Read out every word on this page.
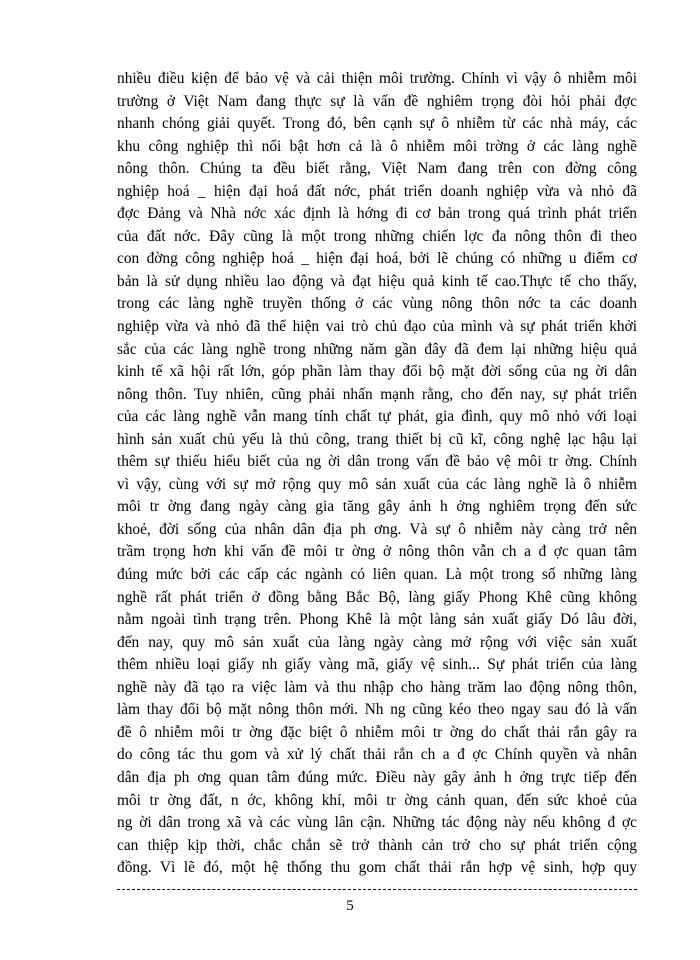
nhiều điều kiện để bảo vệ và cải thiện môi trường. Chính vì vậy ô nhiễm môi
trường ở Việt Nam đang thực sự là vấn đề nghiêm trọng đòi hỏi phải đợc
nhanh chóng giải quyết. Trong đó, bên cạnh sự ô nhiễm từ các nhà máy, các
khu công nghiệp thì nổi bật hơn cả là ô nhiễm môi trờng ở các làng nghề
nông thôn. Chúng ta đều biết rằng, Việt Nam đang trên con đờng công
nghiệp hoá _ hiện đại hoá đất nớc, phát triển doanh nghiệp vừa và nhỏ đã
đợc Đảng và Nhà nớc xác định là hớng đi cơ bản trong quá trình phát triển
của đất nớc. Đây cũng là một trong những chiến lợc đa nông thôn đi theo
con đờng công nghiệp hoá _ hiện đại hoá, bởi lẽ chúng có những u điểm cơ
bản là sử dụng nhiều lao động và đạt hiệu quả kinh tế cao.Thực tế cho thấy,
trong các làng nghề truyền thống ở các vùng nông thôn nớc ta các doanh
nghiệp vừa và nhỏ đã thể hiện vai trò chủ đạo của mình và sự phát triển khởi
sắc của các làng nghề trong những năm gần đây đã đem lại những hiệu quả
kinh tế xã hội rất lớn, góp phần làm thay đổi bộ mặt đời sống của ng ời dân
nông thôn. Tuy nhiên, cũng phải nhấn mạnh rằng, cho đến nay, sự phát triển
của các làng nghề vẫn mang tính chất tự phát, gia đình, quy mô nhỏ với loại
hình sản xuất chủ yếu là thủ công, trang thiết bị cũ kĩ, công nghệ lạc hậu lại
thêm sự thiếu hiểu biết của ng ời dân trong vấn đề bảo vệ môi tr ờng. Chính
vì vậy, cùng với sự mở rộng quy mô sản xuất của các làng nghề là ô nhiễm
môi tr ờng đang ngày càng gia tăng gây ảnh h ởng nghiêm trọng đến sức
khoẻ, đời sống của nhân dân địa ph ơng. Và sự ô nhiễm này càng trở nên
trầm trọng hơn khi vấn đề môi tr ờng ở nông thôn vẫn ch a đ ợc quan tâm
đúng mức bởi các cấp các ngành có liên quan. Là một trong số những làng
nghề rất phát triển ở đồng bằng Bắc Bộ, làng giấy Phong Khê cũng không
nằm ngoài tình trạng trên. Phong Khê là một làng sản xuất giấy Dó lâu đời,
đến nay, quy mô sản xuất của làng ngày càng mở rộng với việc sản xuất
thêm nhiều loại giấy nh giấy vàng mã, giấy vệ sinh... Sự phát triển của làng
nghề này đã tạo ra việc làm và thu nhập cho hàng trăm lao động nông thôn,
làm thay đổi bộ mặt nông thôn mới. Nh ng cũng kéo theo ngay sau đó là vấn
đề ô nhiễm môi tr ờng đặc biệt ô nhiễm môi tr ờng do chất thải rắn gây ra
do công tác thu gom và xử lý chất thải rắn ch a đ ợc Chính quyền và nhân
dân địa ph ơng quan tâm đúng mức. Điều này gây ảnh h ởng trực tiếp đến
môi tr ờng đất, n ớc, không khí, môi tr ờng cảnh quan, đến sức khoẻ của
ng ời dân trong xã và các vùng lân cận. Những tác động này nếu không đ ợc
can thiệp kịp thời, chắc chắn sẽ trở thành cản trở cho sự phát triển cộng
đồng. Vì lẽ đó, một hệ thống thu gom chất thải rắn hợp vệ sinh, hợp quy
5
